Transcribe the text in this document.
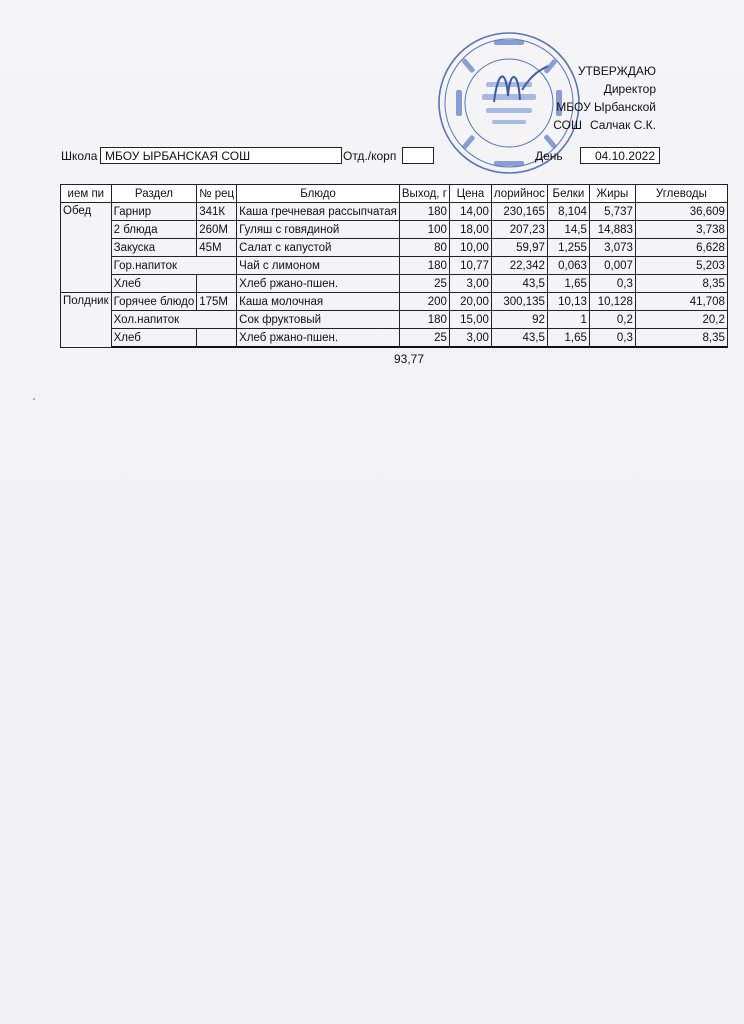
УТВЕРЖДАЮ
Директор
МБОУ Ырбанской
СОШ Салчак С.К.
Школа МБОУ ЫРБАНСКАЯ СОШ	Отд./корп	День	04.10.2022
ием пи	Раздел	№ рец	Блюдо	Выход, г	Цена	лорийнос	Белки	Жиры	Углеводы
Обед	Гарнир	341К	Каша гречневая рассыпчатая	180	14,00	230,165	8,104	5,737	36,609
	2 блюда	260М	Гуляш с говядиной	100	18,00	207,23	14,5	14,883	3,738
	Закуска	45М	Салат с капустой	80	10,00	59,97	1,255	3,073	6,628
	Гор.напиток		Чай с лимоном	180	10,77	22,342	0,063	0,007	5,203
	Хлеб		Хлеб ржано-пшен.	25	3,00	43,5	1,65	0,3	8,35
Полдник	Горячее блюдо	175М	Каша молочная	200	20,00	300,135	10,13	10,128	41,708
	Хол.напиток		Сок фруктовый	180	15,00	92	1	0,2	20,2
	Хлеб		Хлеб ржано-пшен.	25	3,00	43,5	1,65	0,3	8,35
93,77
